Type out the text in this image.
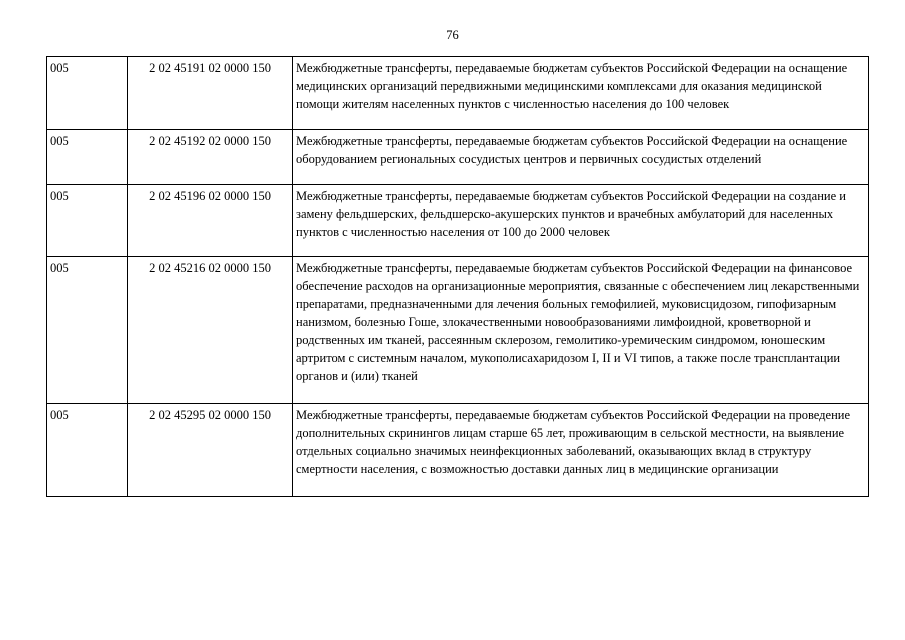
76
005	2 02 45191 02 0000 150	Межбюджетные трансферты, передаваемые бюджетам субъектов Российской Федерации на оснащение медицинских организаций передвижными медицинскими комплексами для оказания медицинской помощи жителям населенных пунктов с численностью населения до 100 человек
005	2 02 45192 02 0000 150	Межбюджетные трансферты, передаваемые бюджетам субъектов Российской Федерации на оснащение оборудованием региональных сосудистых центров и первичных сосудистых отделений
005	2 02 45196 02 0000 150	Межбюджетные трансферты, передаваемые бюджетам субъектов Российской Федерации на создание и замену фельдшерских, фельдшерско-акушерских пунктов и врачебных амбулаторий для населенных пунктов с численностью населения от 100 до 2000 человек
005	2 02 45216 02 0000 150	Межбюджетные трансферты, передаваемые бюджетам субъектов Российской Федерации на финансовое обеспечение расходов на организационные мероприятия, связанные с обеспечением лиц лекарственными препаратами, предназначенными для лечения больных гемофилией, муковисцидозом, гипофизарным нанизмом, болезнью Гоше, злокачественными новообразованиями лимфоидной, кроветворной и родственных им тканей, рассеянным склерозом, гемолитико-уремическим синдромом, юношеским артритом с системным началом, мукополисахаридозом I, II и VI типов, а также после трансплантации органов и (или) тканей
005	2 02 45295 02 0000 150	Межбюджетные трансферты, передаваемые бюджетам субъектов Российской Федерации на проведение дополнительных скринингов лицам старше 65 лет, проживающим в сельской местности, на выявление отдельных социально значимых неинфекционных заболеваний, оказывающих вклад в структуру смертности населения, с возможностью доставки данных лиц в медицинские организации
